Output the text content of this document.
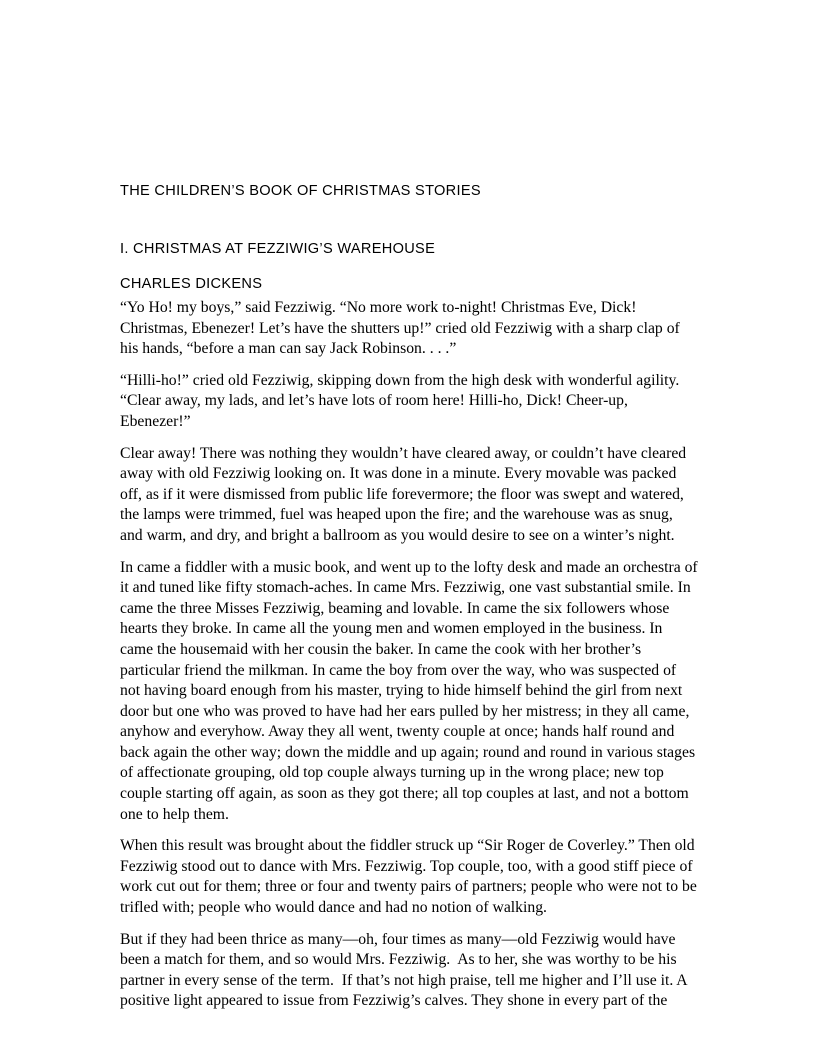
THE CHILDREN’S BOOK OF CHRISTMAS STORIES
I. CHRISTMAS AT FEZZIWIG’S WAREHOUSE
CHARLES DICKENS

“Yo Ho! my boys,” said Fezziwig. “No more work to-night! Christmas Eve, Dick! Christmas, Ebenezer! Let’s have the shutters up!” cried old Fezziwig with a sharp clap of his hands, “before a man can say Jack Robinson. . . .”

“Hilli-ho!” cried old Fezziwig, skipping down from the high desk with wonderful agility. “Clear away, my lads, and let’s have lots of room here! Hilli-ho, Dick! Cheer-up, Ebenezer!”

Clear away! There was nothing they wouldn’t have cleared away, or couldn’t have cleared away with old Fezziwig looking on. It was done in a minute. Every movable was packed off, as if it were dismissed from public life forevermore; the floor was swept and watered, the lamps were trimmed, fuel was heaped upon the fire; and the warehouse was as snug, and warm, and dry, and bright a ballroom as you would desire to see on a winter’s night.

In came a fiddler with a music book, and went up to the lofty desk and made an orchestra of it and tuned like fifty stomach-aches. In came Mrs. Fezziwig, one vast substantial smile. In came the three Misses Fezziwig, beaming and lovable. In came the six followers whose hearts they broke. In came all the young men and women employed in the business. In came the housemaid with her cousin the baker. In came the cook with her brother’s particular friend the milkman. In came the boy from over the way, who was suspected of not having board enough from his master, trying to hide himself behind the girl from next door but one who was proved to have had her ears pulled by her mistress; in they all came, anyhow and everyhow. Away they all went, twenty couple at once; hands half round and back again the other way; down the middle and up again; round and round in various stages of affectionate grouping, old top couple always turning up in the wrong place; new top couple starting off again, as soon as they got there; all top couples at last, and not a bottom one to help them.

When this result was brought about the fiddler struck up “Sir Roger de Coverley.” Then old Fezziwig stood out to dance with Mrs. Fezziwig. Top couple, too, with a good stiff piece of work cut out for them; three or four and twenty pairs of partners; people who were not to be trifled with; people who would dance and had no notion of walking.

But if they had been thrice as many—oh, four times as many—old Fezziwig would have been a match for them, and so would Mrs. Fezziwig.  As to her, she was worthy to be his partner in every sense of the term.  If that’s not high praise, tell me higher and I’ll use it. A positive light appeared to issue from Fezziwig’s calves. They shone in every part of the
